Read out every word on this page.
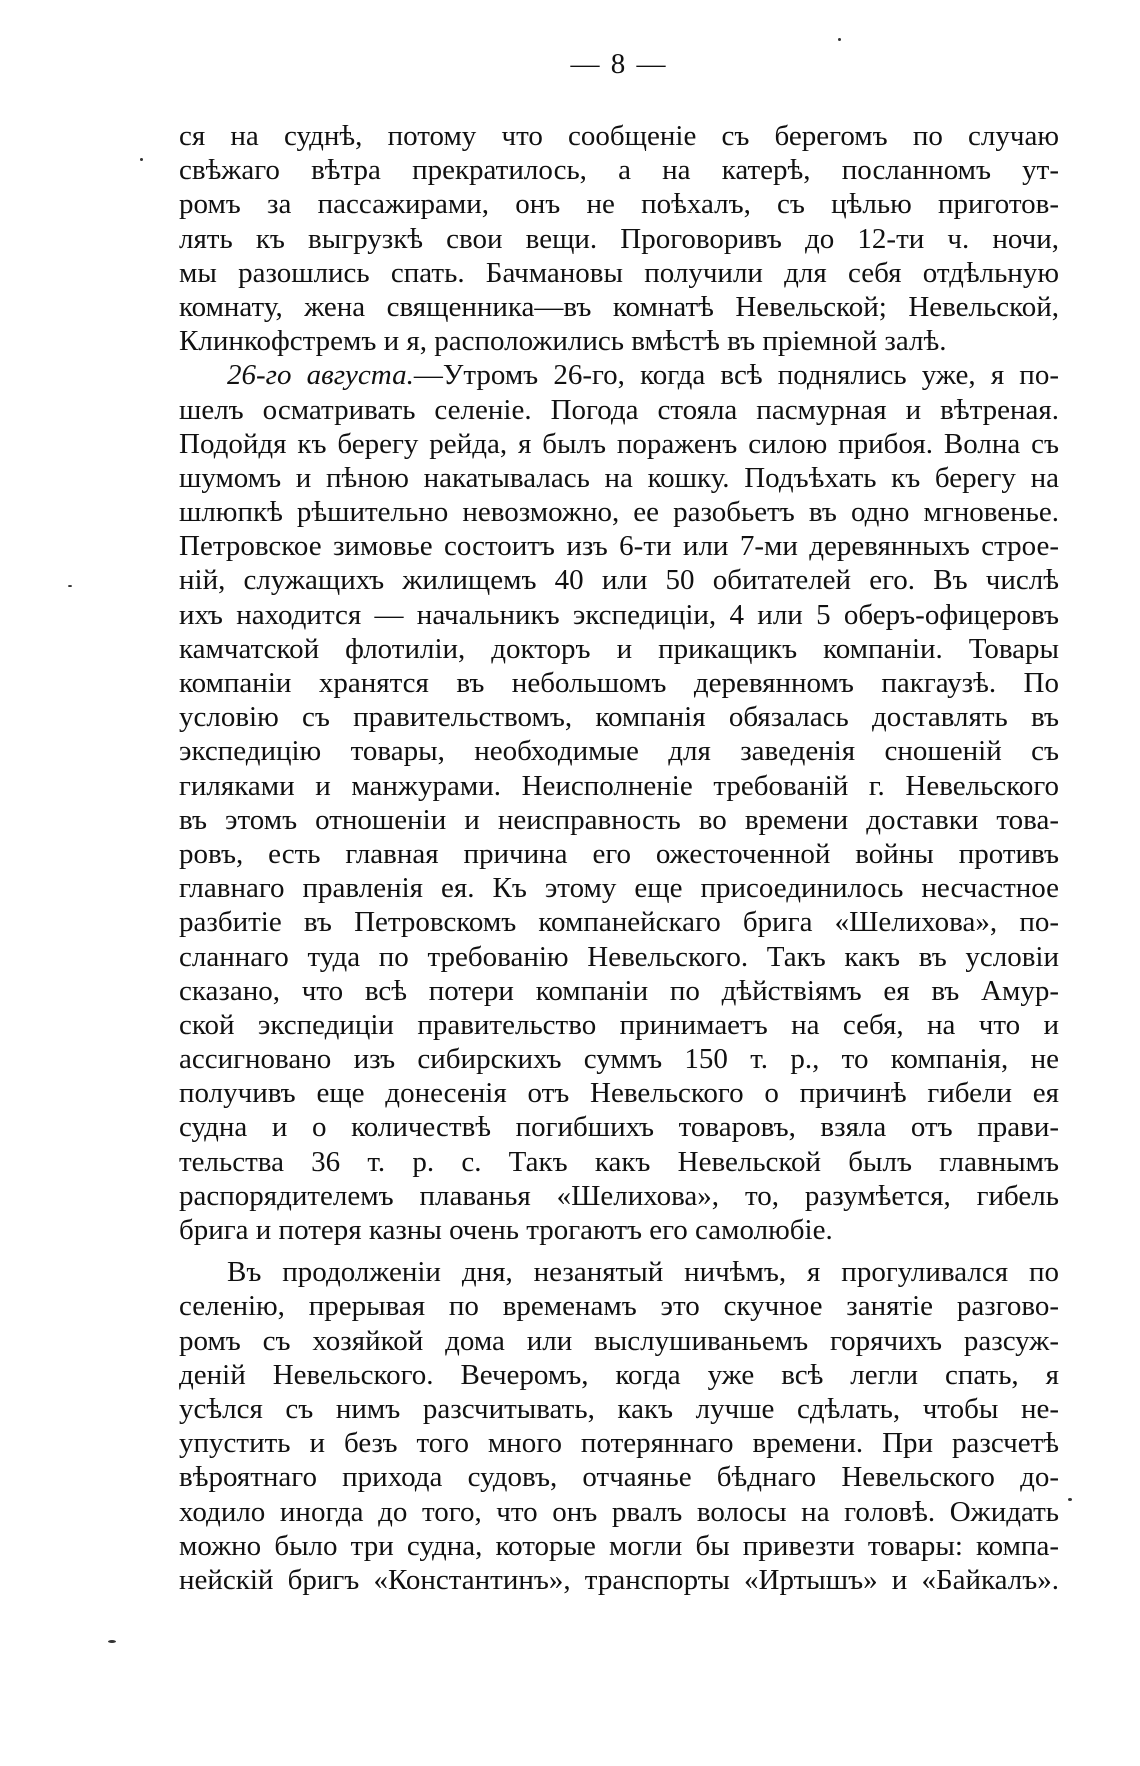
— 8 —
ся на суднѣ, потому что сообщеніе съ берегомъ по случаю
свѣжаго вѣтра прекратилось, а на катерѣ, посланномъ ут-
ромъ за пассажирами, онъ не поѣхалъ, съ цѣлью приготов-
лять къ выгрузкѣ свои вещи. Проговоривъ до 12-ти ч. ночи,
мы разошлись спать. Бачмановы получили для себя отдѣльную
комнату, жена священника—въ комнатѣ Невельской; Невельской,
Клинкофстремъ и я, расположились вмѣстѣ въ пріемной залѣ.
26-го августа.—Утромъ 26-го, когда всѣ поднялись уже, я по-
шелъ осматривать селеніе. Погода стояла пасмурная и вѣтреная.
Подойдя къ берегу рейда, я былъ пораженъ силою прибоя. Волна съ
шумомъ и пѣною накатывалась на кошку. Подъѣхать къ берегу на
шлюпкѣ рѣшительно невозможно, ее разобьетъ въ одно мгновенье.
Петровское зимовье состоитъ изъ 6-ти или 7-ми деревянныхъ строе-
ній, служащихъ жилищемъ 40 или 50 обитателей его. Въ числѣ
ихъ находится — начальникъ экспедиціи, 4 или 5 оберъ-офицеровъ
камчатской флотиліи, докторъ и прикащикъ компаніи. Товары
компаніи хранятся въ небольшомъ деревянномъ пакгаузѣ. По
условію съ правительствомъ, компанія обязалась доставлять въ
экспедицію товары, необходимые для заведенія сношеній съ
гиляками и манжурами. Неисполненіе требованій г. Невельского
въ этомъ отношеніи и неисправность во времени доставки това-
ровъ, есть главная причина его ожесточенной войны противъ
главнаго правленія ея. Къ этому еще присоединилось несчастное
разбитіе въ Петровскомъ компанейскаго брига «Шелихова», по-
сланнаго туда по требованію Невельского. Такъ какъ въ условіи
сказано, что всѣ потери компаніи по дѣйствіямъ ея въ Амур-
ской экспедиціи правительство принимаетъ на себя, на что и
ассигновано изъ сибирскихъ суммъ 150 т. р., то компанія, не
получивъ еще донесенія отъ Невельского о причинѣ гибели ея
судна и о количествѣ погибшихъ товаровъ, взяла отъ прави-
тельства 36 т. р. с. Такъ какъ Невельской былъ главнымъ
распорядителемъ плаванья «Шелихова», то, разумѣется, гибель
брига и потеря казны очень трогаютъ его самолюбіе.
Въ продолженіи дня, незанятый ничѣмъ, я прогуливался по
селенію, прерывая по временамъ это скучное занятіе разгово-
ромъ съ хозяйкой дома или выслушиваньемъ горячихъ разсуж-
деній Невельского. Вечеромъ, когда уже всѣ легли спать, я
усѣлся съ нимъ разсчитывать, какъ лучше сдѣлать, чтобы не-
упустить и безъ того много потеряннаго времени. При разсчетѣ
вѣроятнаго прихода судовъ, отчаянье бѣднаго Невельского до-
ходило иногда до того, что онъ рвалъ волосы на головѣ. Ожидать
можно было три судна, которые могли бы привезти товары: компа-
нейскій бригъ «Константинъ», транспорты «Иртышъ» и «Байкалъ».
